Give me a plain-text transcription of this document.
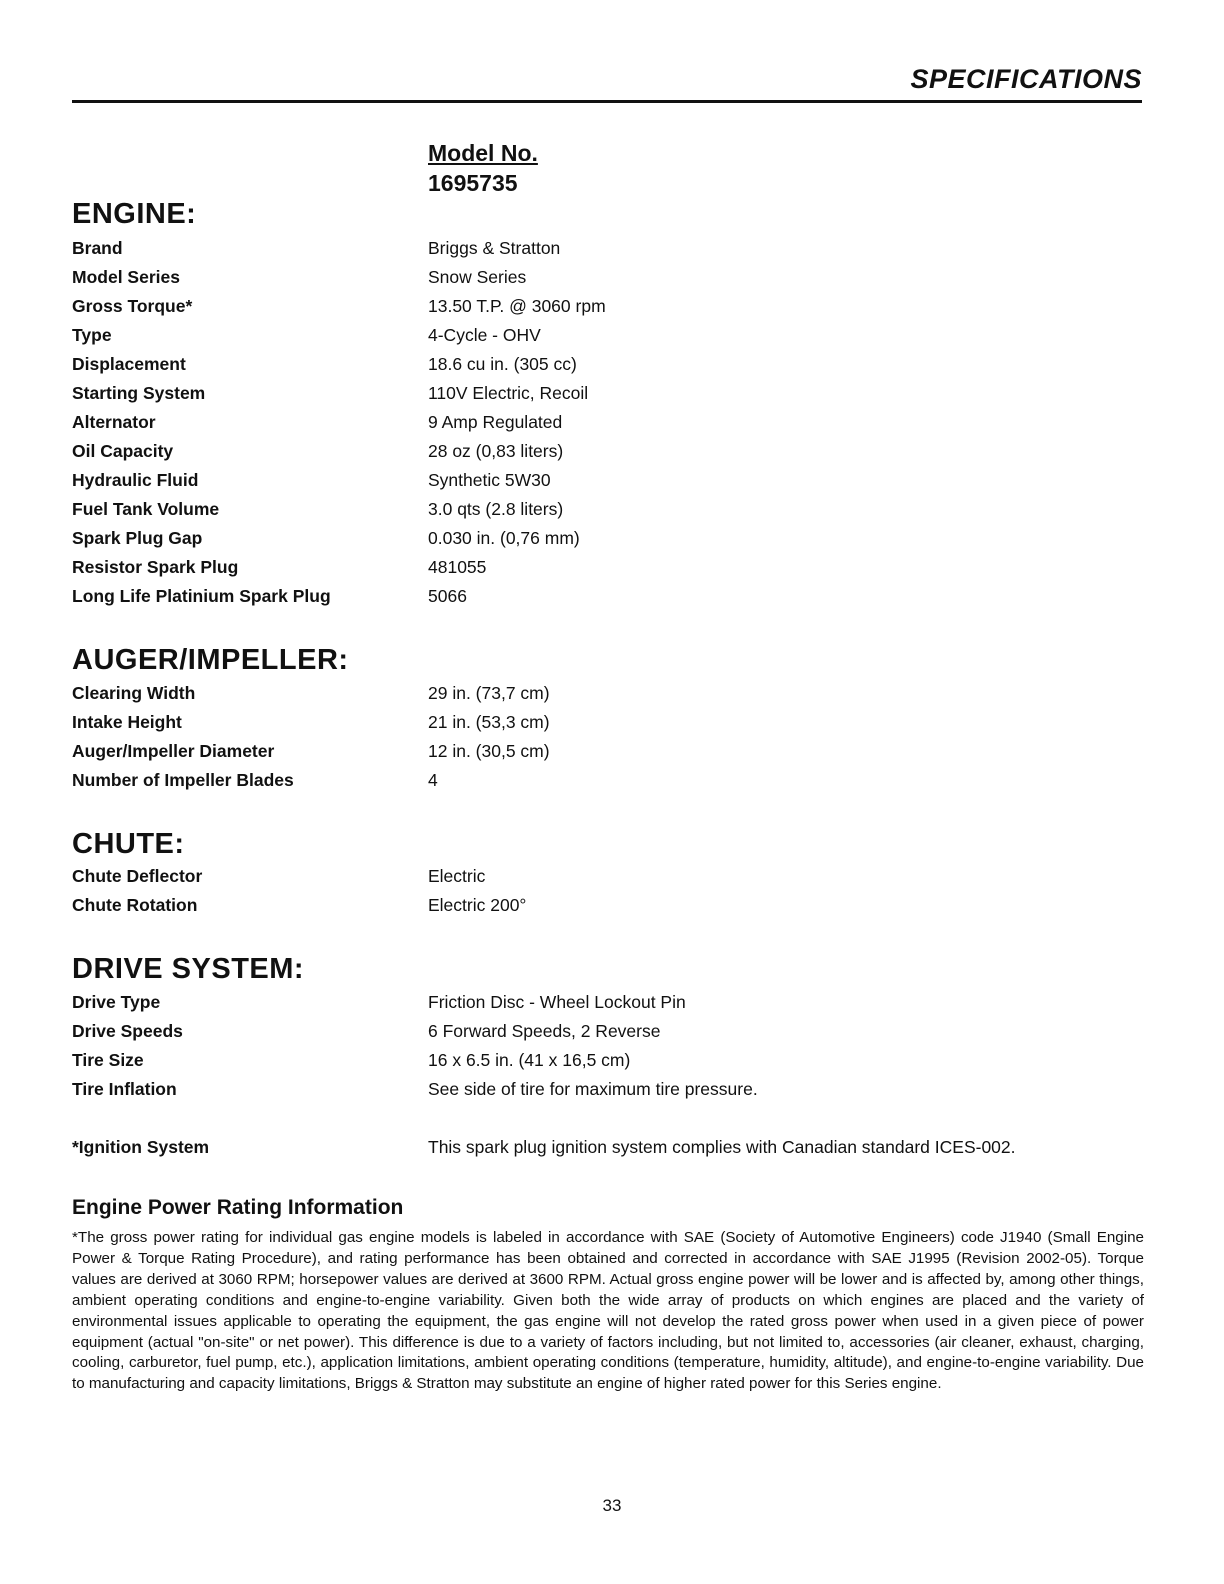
SPECIFICATIONS
Model No.
1695735
ENGINE:
Brand	Briggs & Stratton
Model Series	Snow Series
Gross Torque*	13.50 T.P. @ 3060 rpm
Type	4-Cycle - OHV
Displacement	18.6 cu in. (305 cc)
Starting System	110V Electric, Recoil
Alternator	9 Amp Regulated
Oil Capacity	28 oz (0,83 liters)
Hydraulic Fluid	Synthetic 5W30
Fuel Tank Volume	3.0 qts (2.8 liters)
Spark Plug Gap	0.030 in. (0,76 mm)
Resistor Spark Plug	481055
Long Life Platinium Spark Plug	5066
AUGER/IMPELLER:
Clearing Width	29 in. (73,7 cm)
Intake Height	21 in. (53,3 cm)
Auger/Impeller Diameter	12 in. (30,5 cm)
Number of Impeller Blades	4
CHUTE:
Chute Deflector	Electric
Chute Rotation	Electric 200°
DRIVE SYSTEM:
Drive Type	Friction Disc - Wheel Lockout Pin
Drive Speeds	6 Forward Speeds, 2 Reverse
Tire Size	16 x 6.5 in. (41 x 16,5 cm)
Tire Inflation	See side of tire for maximum tire pressure.
*Ignition System	This spark plug ignition system complies with Canadian standard ICES-002.
Engine Power Rating Information

*The gross power rating for individual gas engine models is labeled in accordance with SAE (Society of Automotive Engineers) code J1940 (Small Engine Power & Torque Rating Procedure), and rating performance has been obtained and corrected in accordance with SAE J1995 (Revision 2002-05). Torque values are derived at 3060 RPM; horsepower values are derived at 3600 RPM. Actual gross engine power will be lower and is affected by, among other things, ambient operating conditions and engine-to-engine variability. Given both the wide array of products on which engines are placed and the variety of environmental issues applicable to operating the equipment, the gas engine will not develop the rated gross power when used in a given piece of power equipment (actual "on-site" or net power). This difference is due to a variety of factors including, but not limited to, accessories (air cleaner, exhaust, charging, cooling, carburetor, fuel pump, etc.), application limitations, ambient operating conditions (temperature, humidity, altitude), and engine-to-engine variability. Due to manufacturing and capacity limitations, Briggs & Stratton may substitute an engine of higher rated power for this Series engine.

33
